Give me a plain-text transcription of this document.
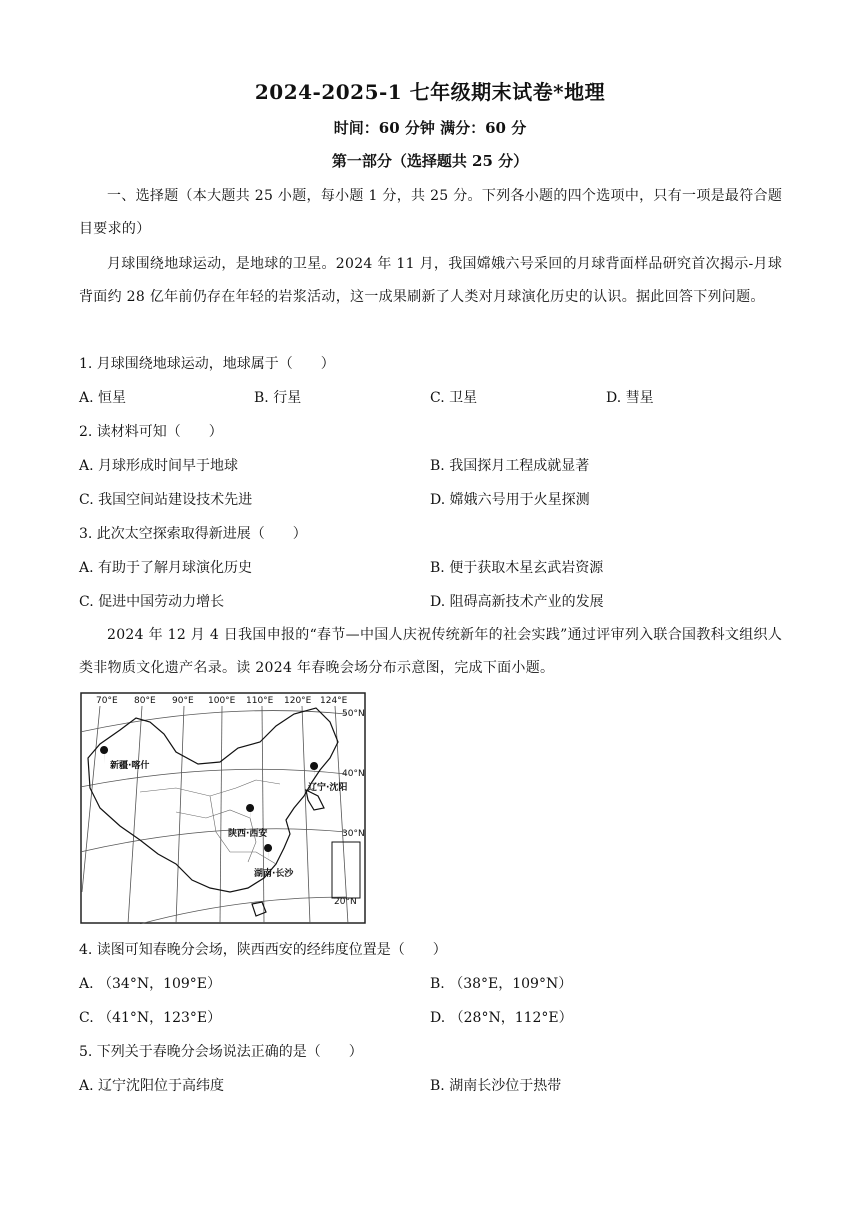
2024-2025-1 七年级期末试卷*地理
时间：60 分钟 满分：60 分
第一部分（选择题共 25 分）
一、选择题（本大题共 25 小题，每小题 1 分，共 25 分。下列各小题的四个选项中，只有一项是最符合题目要求的）
月球围绕地球运动，是地球的卫星。2024 年 11 月，我国嫦娥六号采回的月球背面样品研究首次揭示-月球背面约 28 亿年前仍存在年轻的岩浆活动，这一成果刷新了人类对月球演化历史的认识。据此回答下列问题。
1. 月球围绕地球运动，地球属于（　　）
A. 恒星	B. 行星	C. 卫星	D. 彗星
2. 读材料可知（　　）
A. 月球形成时间早于地球	B. 我国探月工程成就显著
C. 我国空间站建设技术先进	D. 嫦娥六号用于火星探测
3. 此次太空探索取得新进展（　　）
A. 有助于了解月球演化历史	B. 便于获取木星玄武岩资源
C. 促进中国劳动力增长	D. 阻碍高新技术产业的发展
2024 年 12 月 4 日我国申报的“春节—中国人庆祝传统新年的社会实践”通过评审列入联合国教科文组织人类非物质文化遗产名录。读 2024 年春晚会场分布示意图，完成下面小题。
70°E 80°E 90°E 100°E 110°E 120°E 124°E
50°N
40°N
30°N
20°N
新疆·喀什
辽宁·沈阳
陕西·西安
湖南·长沙
4. 读图可知春晚分会场，陕西西安的经纬度位置是（　　）
A. （34°N，109°E）	B. （38°E，109°N）
C. （41°N，123°E）	D. （28°N，112°E）
5. 下列关于春晚分会场说法正确的是（　　）
A. 辽宁沈阳位于高纬度	B. 湖南长沙位于热带
